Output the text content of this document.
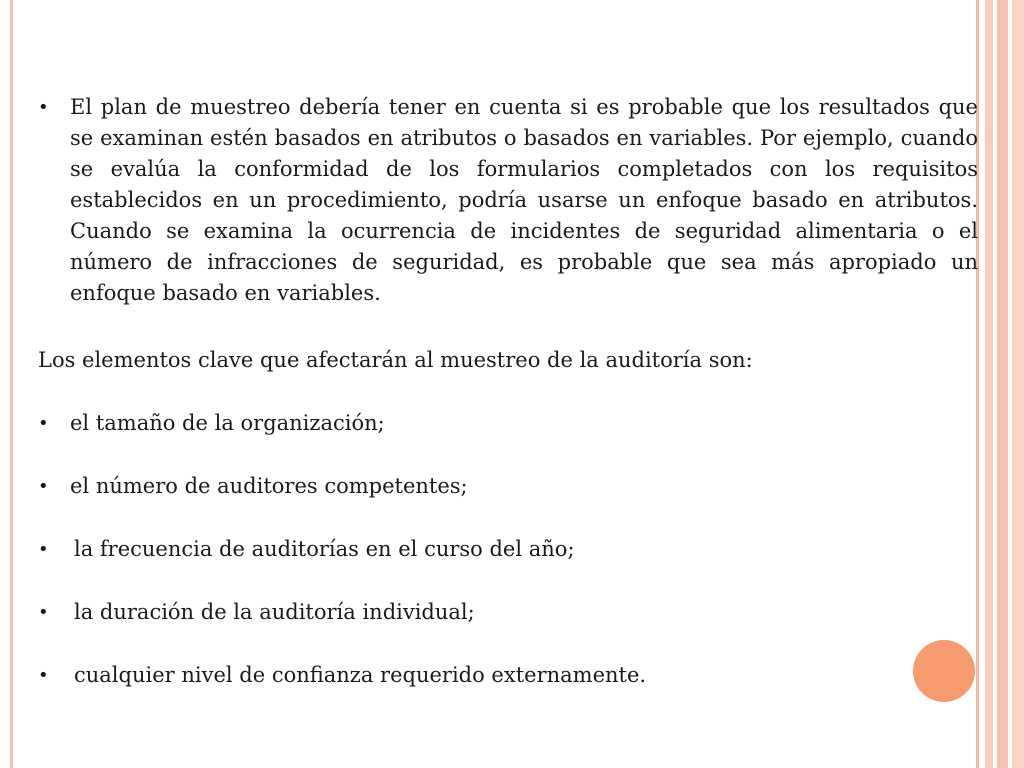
•	El plan de muestreo debería tener en cuenta si es probable que los resultados que se examinan estén basados en atributos o basados en variables. Por ejemplo, cuando se evalúa la conformidad de los formularios completados con los requisitos establecidos en un procedimiento, podría usarse un enfoque basado en atributos. Cuando se examina la ocurrencia de incidentes de seguridad alimentaria o el número de infracciones de seguridad, es probable que sea más apropiado un enfoque basado en variables.
Los elementos clave que afectarán al muestreo de la auditoría son:
•	el tamaño de la organización;
•	el número de auditores competentes;
•	la frecuencia de auditorías en el curso del año;
•	la duración de la auditoría individual;
•	cualquier nivel de confianza requerido externamente.
